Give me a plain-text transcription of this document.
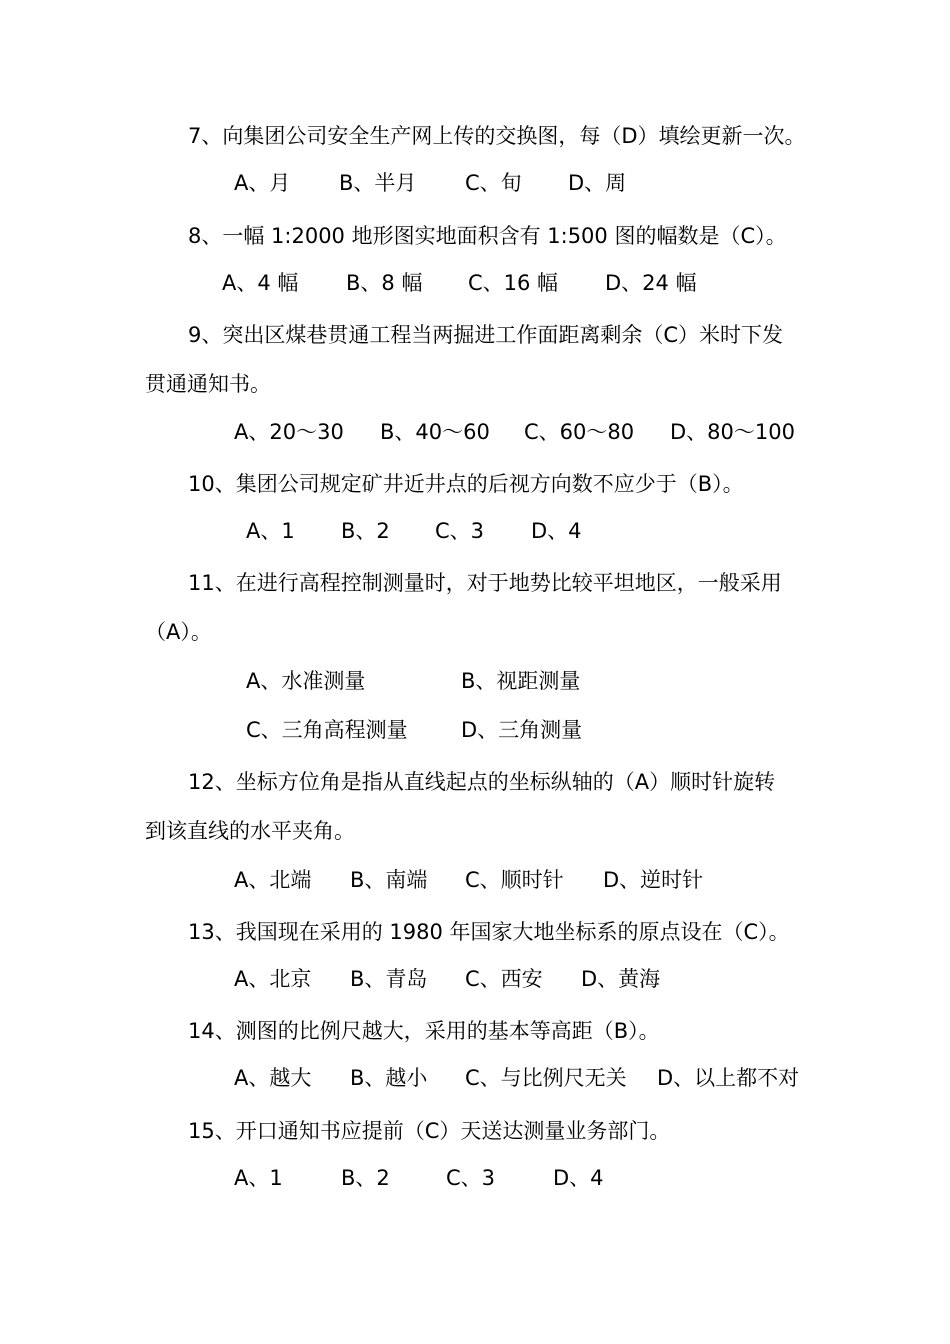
7、向集团公司安全生产网上传的交换图，每（D）填绘更新一次。
A、月 B、半月 C、旬 D、周
8、一幅 1:2000 地形图实地面积含有 1:500 图的幅数是（C）。
A、4 幅 B、8 幅 C、16 幅 D、24 幅
9、突出区煤巷贯通工程当两掘进工作面距离剩余（C）米时下发
贯通通知书。
A、20～30 B、40～60 C、60～80 D、80～100
10、集团公司规定矿井近井点的后视方向数不应少于（B）。
A、1 B、2 C、3 D、4
11、在进行高程控制测量时，对于地势比较平坦地区，一般采用
（A）。
A、水准测量	B、视距测量
C、三角高程测量	D、三角测量
12、坐标方位角是指从直线起点的坐标纵轴的（A）顺时针旋转
到该直线的水平夹角。
A、北端 B、南端 C、顺时针 D、逆时针
13、我国现在采用的 1980 年国家大地坐标系的原点设在（C）。
A、北京 B、青岛 C、西安 D、黄海
14、测图的比例尺越大，采用的基本等高距（B）。
A、越大 B、越小 C、与比例尺无关 D、以上都不对
15、开口通知书应提前（C）天送达测量业务部门。
A、1	B、2	C、3	D、4
